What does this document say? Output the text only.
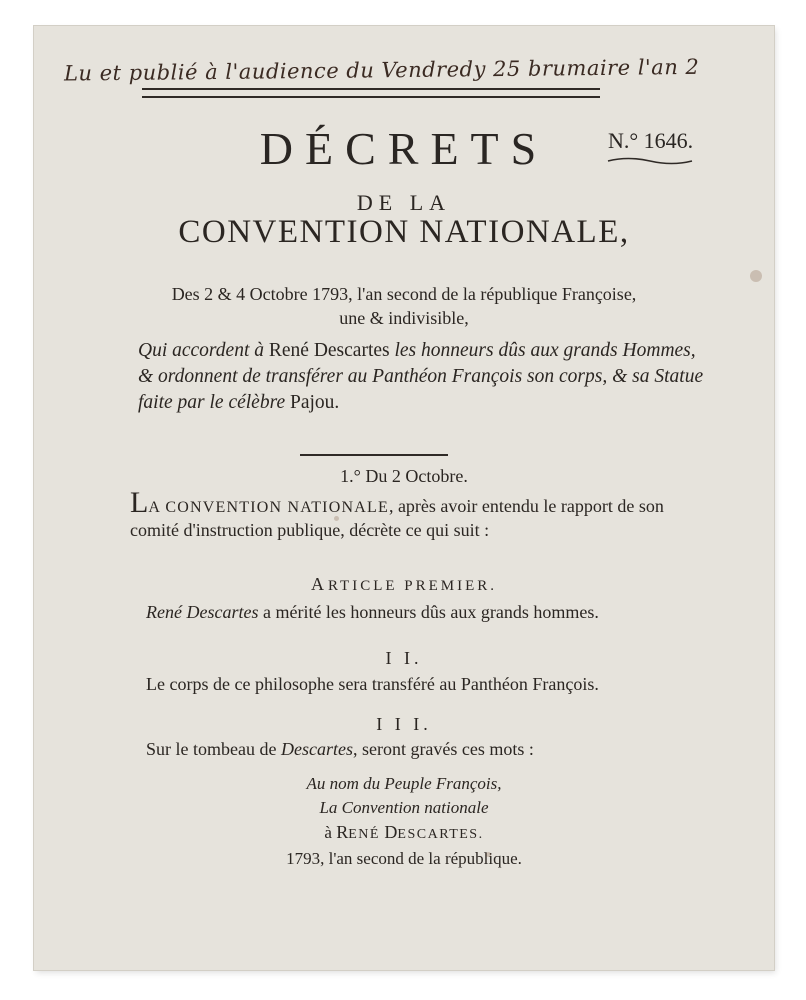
Lu et publié à l'audience du Vendredy 25 brumaire l'an 2
DÉCRETS	N.° 1646.
DE LA
CONVENTION NATIONALE,
Des 2 & 4 Octobre 1793, l'an second de la république Françoise,
une & indivisible,
Qui accordent à René Descartes les honneurs dûs aux grands Hommes, & ordonnent de transférer au Panthéon François son corps, & sa Statue faite par le célèbre Pajou.
1.° Du 2 Octobre.
LA CONVENTION NATIONALE, après avoir entendu le rapport de son comité d'instruction publique, décrète ce qui suit :
ARTICLE PREMIER.
René Descartes a mérité les honneurs dûs aux grands hommes.
I I.
Le corps de ce philosophe sera transféré au Panthéon François.
I I I.
Sur le tombeau de Descartes, seront gravés ces mots :
Au nom du Peuple François,
La Convention nationale
à RENÉ DESCARTES.
1793, l'an second de la république.
